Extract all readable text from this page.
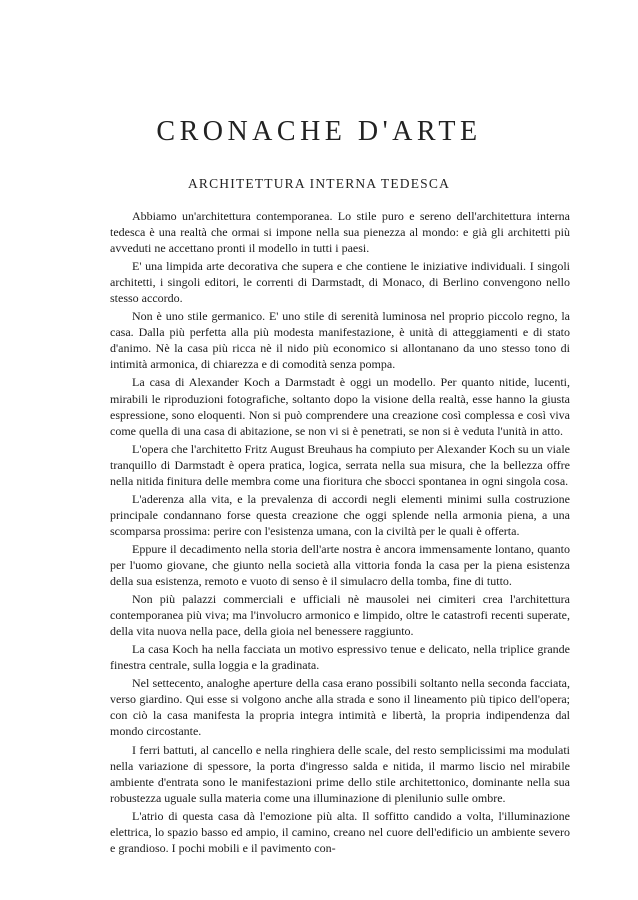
CRONACHE D'ARTE
ARCHITETTURA INTERNA TEDESCA

Abbiamo un'architettura contemporanea. Lo stile puro e sereno dell'architettura interna tedesca è una realtà che ormai si impone nella sua pienezza al mondo: e già gli architetti più avveduti ne accettano pronti il modello in tutti i paesi.

E' una limpida arte decorativa che supera e che contiene le iniziative individuali. I singoli architetti, i singoli editori, le correnti di Darmstadt, di Monaco, di Berlino convengono nello stesso accordo.

Non è uno stile germanico. E' uno stile di serenità luminosa nel proprio piccolo regno, la casa. Dalla più perfetta alla più modesta manifestazione, è unità di atteggiamenti e di stato d'animo. Nè la casa più ricca nè il nido più economico si allontanano da uno stesso tono di intimità armonica, di chiarezza e di comodità senza pompa.

La casa di Alexander Koch a Darmstadt è oggi un modello. Per quanto nitide, lucenti, mirabili le riproduzioni fotografiche, soltanto dopo la visione della realtà, esse hanno la giusta espressione, sono eloquenti. Non si può comprendere una creazione così complessa e così viva come quella di una casa di abitazione, se non vi si è penetrati, se non si è veduta l'unità in atto.

L'opera che l'architetto Fritz August Breuhaus ha compiuto per Alexander Koch su un viale tranquillo di Darmstadt è opera pratica, logica, serrata nella sua misura, che la bellezza offre nella nitida finitura delle membra come una fioritura che sbocci spontanea in ogni singola cosa.

L'aderenza alla vita, e la prevalenza di accordi negli elementi minimi sulla costruzione principale condannano forse questa creazione che oggi splende nella armonia piena, a una scomparsa prossima: perire con l'esistenza umana, con la civiltà per le quali è offerta.

Eppure il decadimento nella storia dell'arte nostra è ancora immensamente lontano, quanto per l'uomo giovane, che giunto nella società alla vittoria fonda la casa per la piena esistenza della sua esistenza, remoto e vuoto di senso è il simulacro della tomba, fine di tutto.

Non più palazzi commerciali e ufficiali nè mausolei nei cimiteri crea l'architettura contemporanea più viva; ma l'involucro armonico e limpido, oltre le catastrofi recenti superate, della vita nuova nella pace, della gioia nel benessere raggiunto.

La casa Koch ha nella facciata un motivo espressivo tenue e delicato, nella triplice grande finestra centrale, sulla loggia e la gradinata.

Nel settecento, analoghe aperture della casa erano possibili soltanto nella seconda facciata, verso giardino. Qui esse si volgono anche alla strada e sono il lineamento più tipico dell'opera; con ciò la casa manifesta la propria integra intimità e libertà, la propria indipendenza dal mondo circostante.

I ferri battuti, al cancello e nella ringhiera delle scale, del resto semplicissimi ma modulati nella variazione di spessore, la porta d'ingresso salda e nitida, il marmo liscio nel mirabile ambiente d'entrata sono le manifestazioni prime dello stile architettonico, dominante nella sua robustezza uguale sulla materia come una illuminazione di plenilunio sulle ombre.

L'atrio di questa casa dà l'emozione più alta. Il soffitto candido a volta, l'illuminazione elettrica, lo spazio basso ed ampio, il camino, creano nel cuore dell'edificio un ambiente severo e grandioso. I pochi mobili e il pavimento con-
